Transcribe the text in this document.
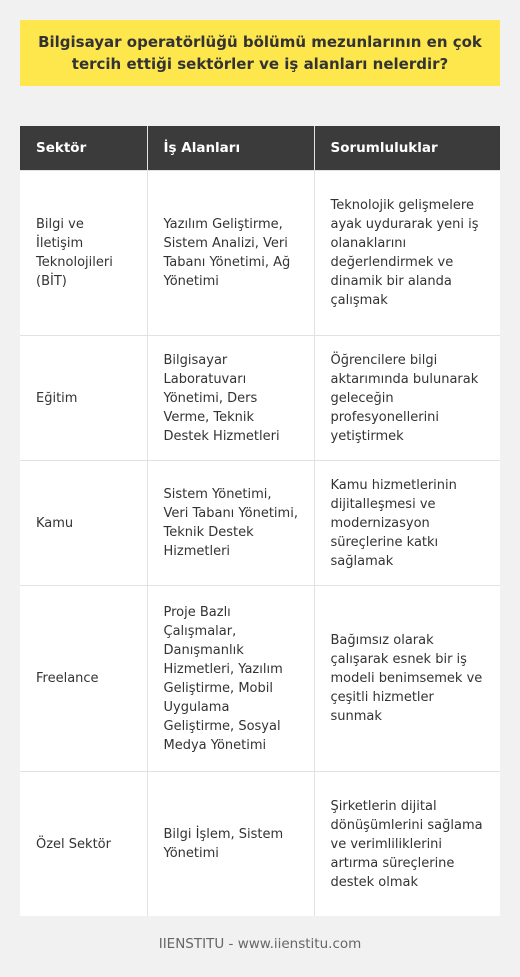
Bilgisayar operatörlüğü bölümü mezunlarının en çok tercih ettiği sektörler ve iş alanları nelerdir?
Sektör	İş Alanları	Sorumluluklar
Bilgi ve İletişim Teknolojileri (BİT)	Yazılım Geliştirme, Sistem Analizi, Veri Tabanı Yönetimi, Ağ Yönetimi	Teknolojik gelişmelere ayak uydurarak yeni iş olanaklarını değerlendirmek ve dinamik bir alanda çalışmak
Eğitim	Bilgisayar Laboratuvarı Yönetimi, Ders Verme, Teknik Destek Hizmetleri	Öğrencilere bilgi aktarımında bulunarak geleceğin profesyonellerini yetiştirmek
Kamu	Sistem Yönetimi, Veri Tabanı Yönetimi, Teknik Destek Hizmetleri	Kamu hizmetlerinin dijitalleşmesi ve modernizasyon süreçlerine katkı sağlamak
Freelance	Proje Bazlı Çalışmalar, Danışmanlık Hizmetleri, Yazılım Geliştirme, Mobil Uygulama Geliştirme, Sosyal Medya Yönetimi	Bağımsız olarak çalışarak esnek bir iş modeli benimsemek ve çeşitli hizmetler sunmak
Özel Sektör	Bilgi İşlem, Sistem Yönetimi	Şirketlerin dijital dönüşümlerini sağlama ve verimliliklerini artırma süreçlerine destek olmak
IIENSTITU - www.iienstitu.com
